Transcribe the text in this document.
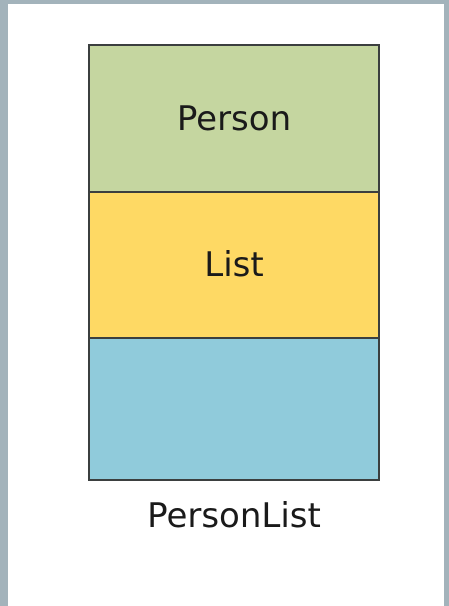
Person
List
PersonList
